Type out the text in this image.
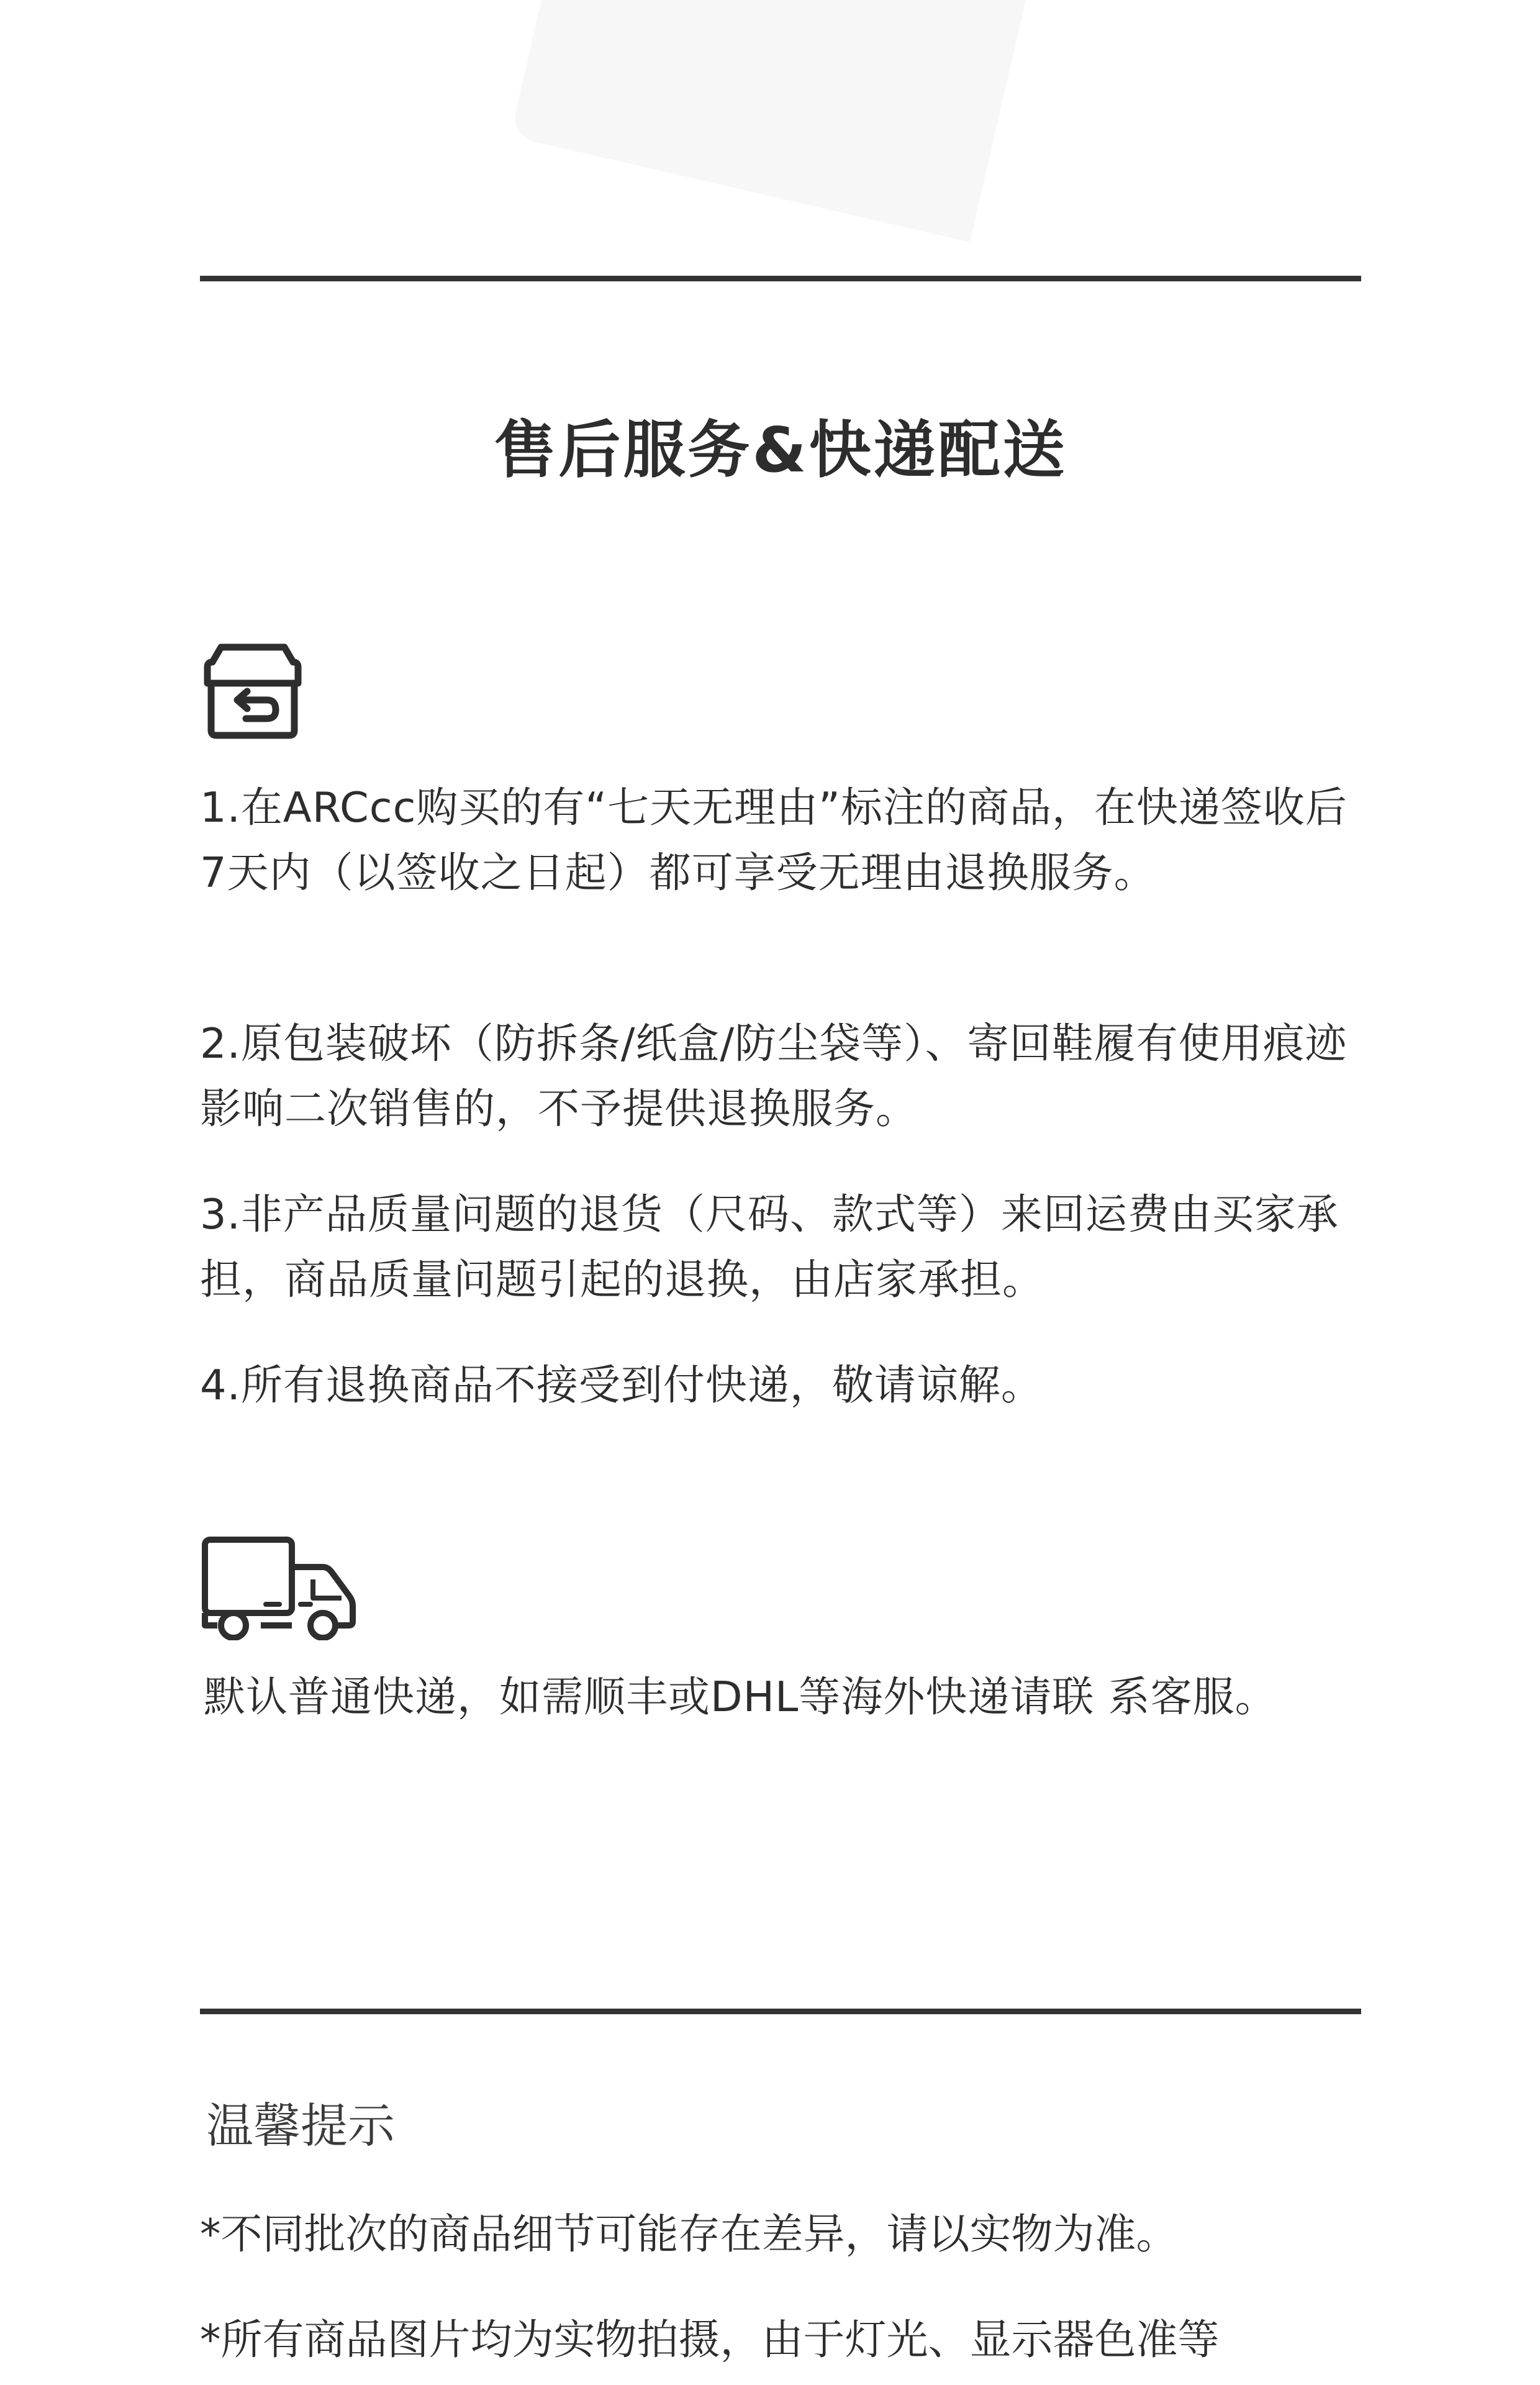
售后服务&快递配送
1.在ARCcc购买的有“七天无理由”标注的商品，在快递签收后7天内（以签收之日起）都可享受无理由退换服务。
2.原包装破坏（防拆条/纸盒/防尘袋等）、寄回鞋履有使用痕迹影响二次销售的，不予提供退换服务。
3.非产品质量问题的退货（尺码、款式等）来回运费由买家承担，商品质量问题引起的退换，由店家承担。
4.所有退换商品不接受到付快递，敬请谅解。
默认普通快递，如需顺丰或DHL等海外快递请联 系客服。
温馨提示
*不同批次的商品细节可能存在差异，请以实物为准。
*所有商品图片均为实物拍摄，由于灯光、显示器色准等
